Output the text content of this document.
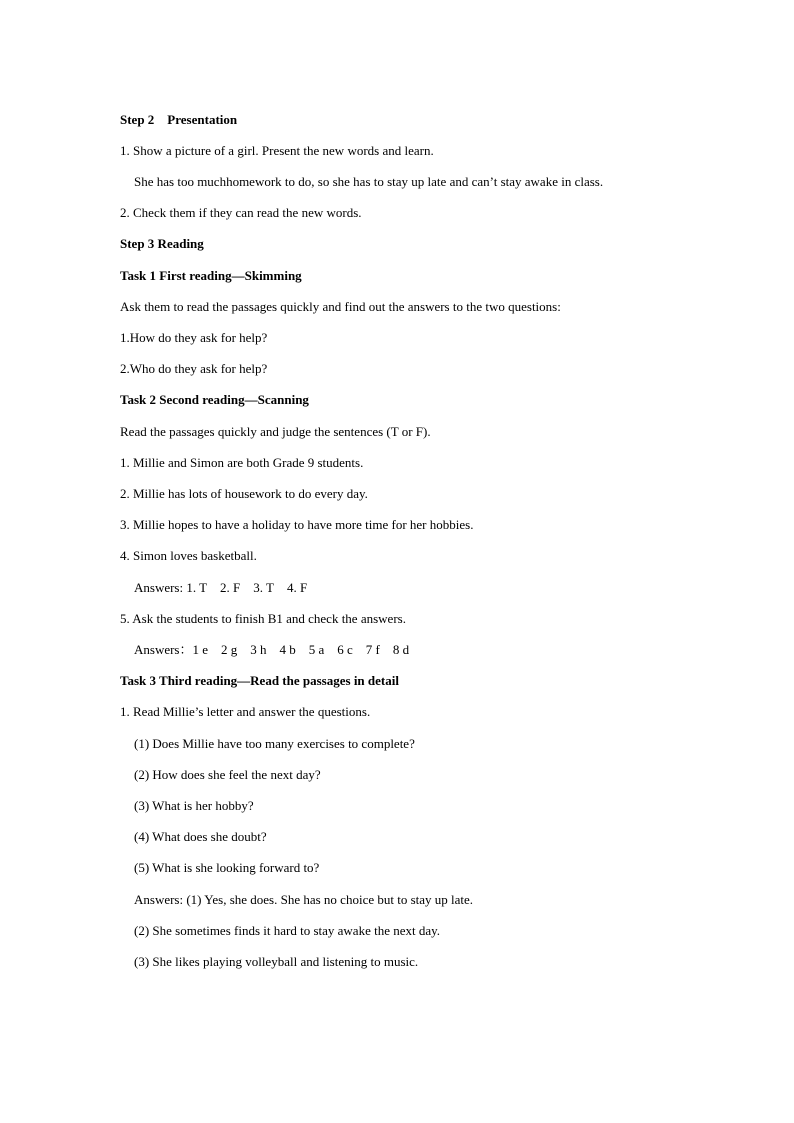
Step 2    Presentation
1. Show a picture of a girl. Present the new words and learn.
She has too muchhomework to do, so she has to stay up late and can’t stay awake in class.
2. Check them if they can read the new words.
Step 3 Reading
Task 1 First reading—Skimming
Ask them to read the passages quickly and find out the answers to the two questions:
1.How do they ask for help?
2.Who do they ask for help?
Task 2 Second reading—Scanning
Read the passages quickly and judge the sentences (T or F).
1. Millie and Simon are both Grade 9 students.
2. Millie has lots of housework to do every day.
3. Millie hopes to have a holiday to have more time for her hobbies.
4. Simon loves basketball.
Answers: 1. T    2. F    3. T    4. F
5. Ask the students to finish B1 and check the answers.
Answers：1 e    2 g    3 h    4 b    5 a    6 c    7 f    8 d
Task 3 Third reading—Read the passages in detail
1. Read Millie’s letter and answer the questions.
(1) Does Millie have too many exercises to complete?
(2) How does she feel the next day?
(3) What is her hobby?
(4) What does she doubt?
(5) What is she looking forward to?
Answers: (1) Yes, she does. She has no choice but to stay up late.
(2) She sometimes finds it hard to stay awake the next day.
(3) She likes playing volleyball and listening to music.
